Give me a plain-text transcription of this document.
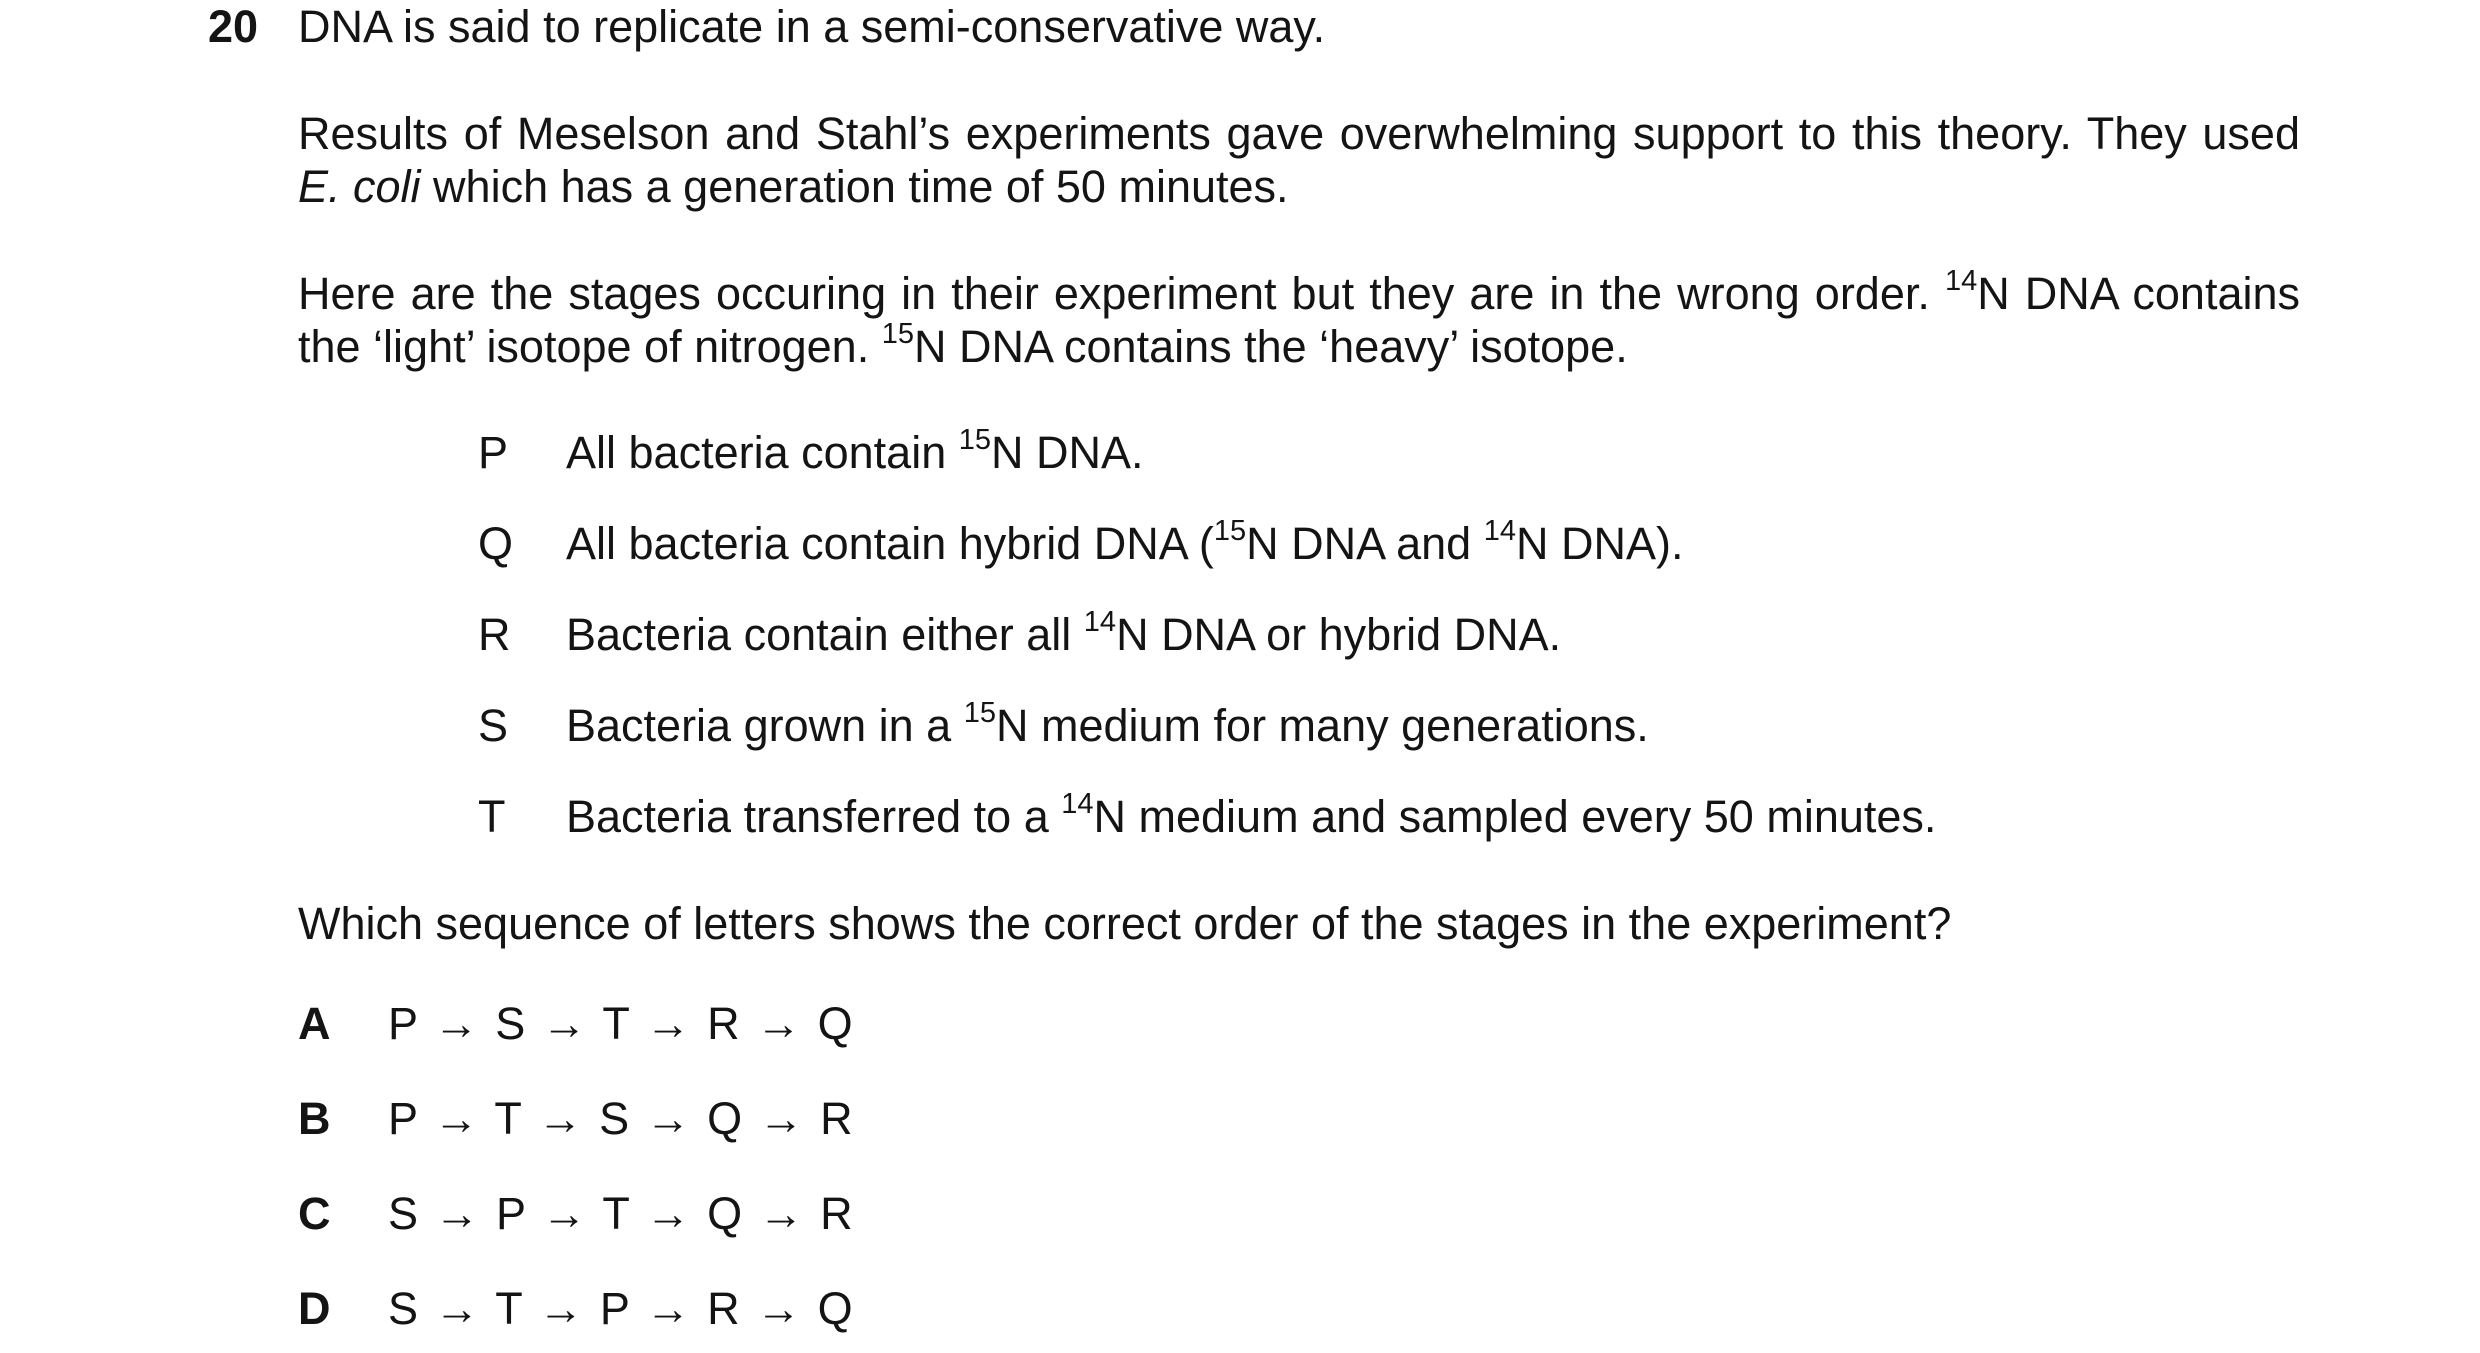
20 DNA is said to replicate in a semi-conservative way.
Results of Meselson and Stahl’s experiments gave overwhelming support to this theory. They used E. coli which has a generation time of 50 minutes.
Here are the stages occuring in their experiment but they are in the wrong order. $^{14}$N DNA contains the ‘light’ isotope of nitrogen. $^{15}$N DNA contains the ‘heavy’ isotope.
P	All bacteria contain $^{15}$N DNA.
Q	All bacteria contain hybrid DNA ($^{15}$N DNA and $^{14}$N DNA).
R	Bacteria contain either all $^{14}$N DNA or hybrid DNA.
S	Bacteria grown in a $^{15}$N medium for many generations.
T	Bacteria transferred to a $^{14}$N medium and sampled every 50 minutes.
Which sequence of letters shows the correct order of the stages in the experiment?
A P → S → T → R → Q
B P → T → S → Q → R
C S → P → T → Q → R
D S → T → P → R → Q
